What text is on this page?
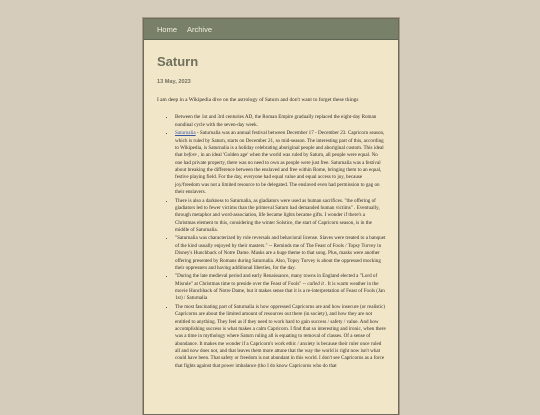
Home Archive
Saturn
13 May, 2023
I am deep in a Wikipedia dive on the astrology of Saturn and don't want to forget these things
• Between the 1st and 3rd centuries AD, the Roman Empire gradually replaced the eight-day Roman nundinal cycle with the seven-day week.
• Saturnalia - Saturnalia was an annual festival between December 17 - December 23. Capricorn season, which is ruled by Saturn, starts on December 21, so mid-season. The interesting part of this, according to Wikipedia, is Saturnalia is a holiday celebrating aboriginal people and aboriginal custom. This ideal that before , in an ideal 'Golden age' when the world was ruled by Saturn, all people were equal. No one had private property, there was no need to own as people were just free. Saturnalia was a festival about breaking the difference between the enslaved and free within Rome, bringing them to an equal, festive playing field. For the day, everyone had equal value and equal access to joy, because joy/freedom was not a limited resource to be delegated. The enslaved even had permission to gag on their enslavers.
• There is also a darkness to Saturnalia, as gladiators were used as human sacrifices. "the offering of gladiators led to fewer victims than the primeval Saturn had demanded human victims" . Eventually, through metaphor and word-association, life became lights became gifts. I wonder if there's a Christmas element to this, considering the winter Solstice, the start of Capricorn season, is in the middle of Saturnalia.
• "Saturnalia was characterized by role reversals and behavioral license. Slaves were treated to a banquet of the kind usually enjoyed by their masters." -- Reminds me of The Feast of Fools / Topsy Turvey in Disney's Hunchback of Notre Dame. Masks are a huge theme to that song. Plus, masks were another offering presented by Romans during Saturnalia. Also, Topsy Turvey is about the oppressed mocking their oppressers and having additional liberties, for the day.
• "During the late medieval period and early Renaissance, many towns in England elected a "Lord of Misrule" at Christmas time to preside over the Feast of Fools" -- called it . It is warm weather in the movie Hunchback of Notre Dame, but it makes sense that it is a re-interpretation of Feast of Fools (Jan 1st) / Saturnalia
• The most fascinating part of Saturnalia is how oppressed Capricorns are and how insecure (or realistic) Capricorns are about the limited amount of resources out there (in society), and how they are not entitled to anything. They feel as if they need to work hard to gain success / safety / value. And how accomplishing success is what makes a calm Capricorn. I find that so interesting and ironic, when there was a time in mythology where Saturn ruling all is equating to removal of classes. Of a sense of abundance. It makes me wonder if a Capricorn's work ethic / anxiety is because their ruler once ruled all and now does not, and that leaves them more attune that the way the world is right now isn't what could have been. That safety or freedom is not abundant in this world. I don't see Capricorns as a force that fights against that power imbalance (tho I do know Capricorns who do that
